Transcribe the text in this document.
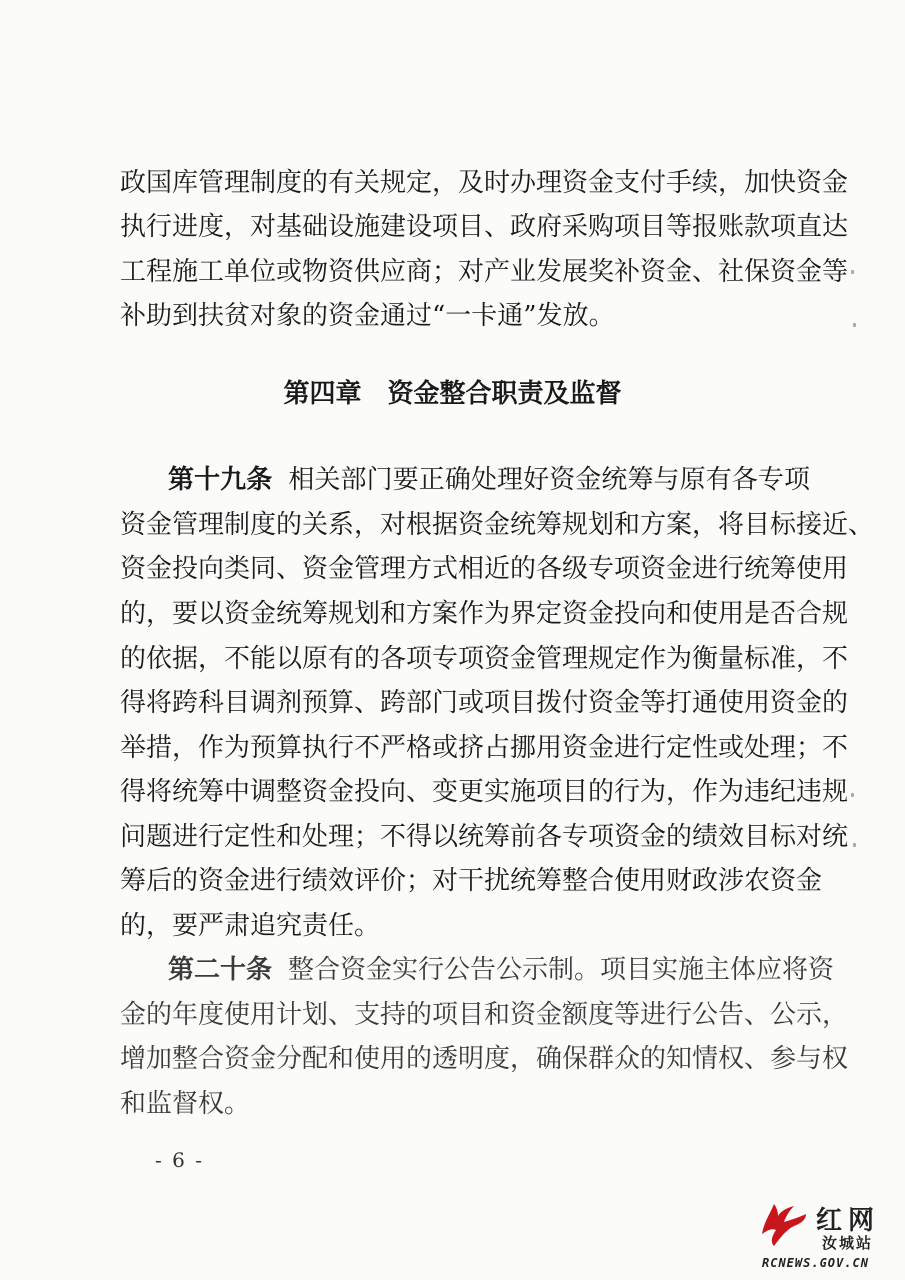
政国库管理制度的有关规定，及时办理资金支付手续，加快资金
执行进度，对基础设施建设项目、政府采购项目等报账款项直达
工程施工单位或物资供应商；对产业发展奖补资金、社保资金等
补助到扶贫对象的资金通过“一卡通”发放。
第四章　资金整合职责及监督
第十九条 相关部门要正确处理好资金统筹与原有各专项
资金管理制度的关系，对根据资金统筹规划和方案，将目标接近、
资金投向类同、资金管理方式相近的各级专项资金进行统筹使用
的，要以资金统筹规划和方案作为界定资金投向和使用是否合规
的依据，不能以原有的各项专项资金管理规定作为衡量标准，不
得将跨科目调剂预算、跨部门或项目拨付资金等打通使用资金的
举措，作为预算执行不严格或挤占挪用资金进行定性或处理；不
得将统筹中调整资金投向、变更实施项目的行为，作为违纪违规
问题进行定性和处理；不得以统筹前各专项资金的绩效目标对统
筹后的资金进行绩效评价；对干扰统筹整合使用财政涉农资金
的，要严肃追究责任。
第二十条 整合资金实行公告公示制。项目实施主体应将资
金的年度使用计划、支持的项目和资金额度等进行公告、公示，
增加整合资金分配和使用的透明度，确保群众的知情权、参与权
和监督权。
- 6 -
红网
汝城站
RCNEWS.GOV.CN
